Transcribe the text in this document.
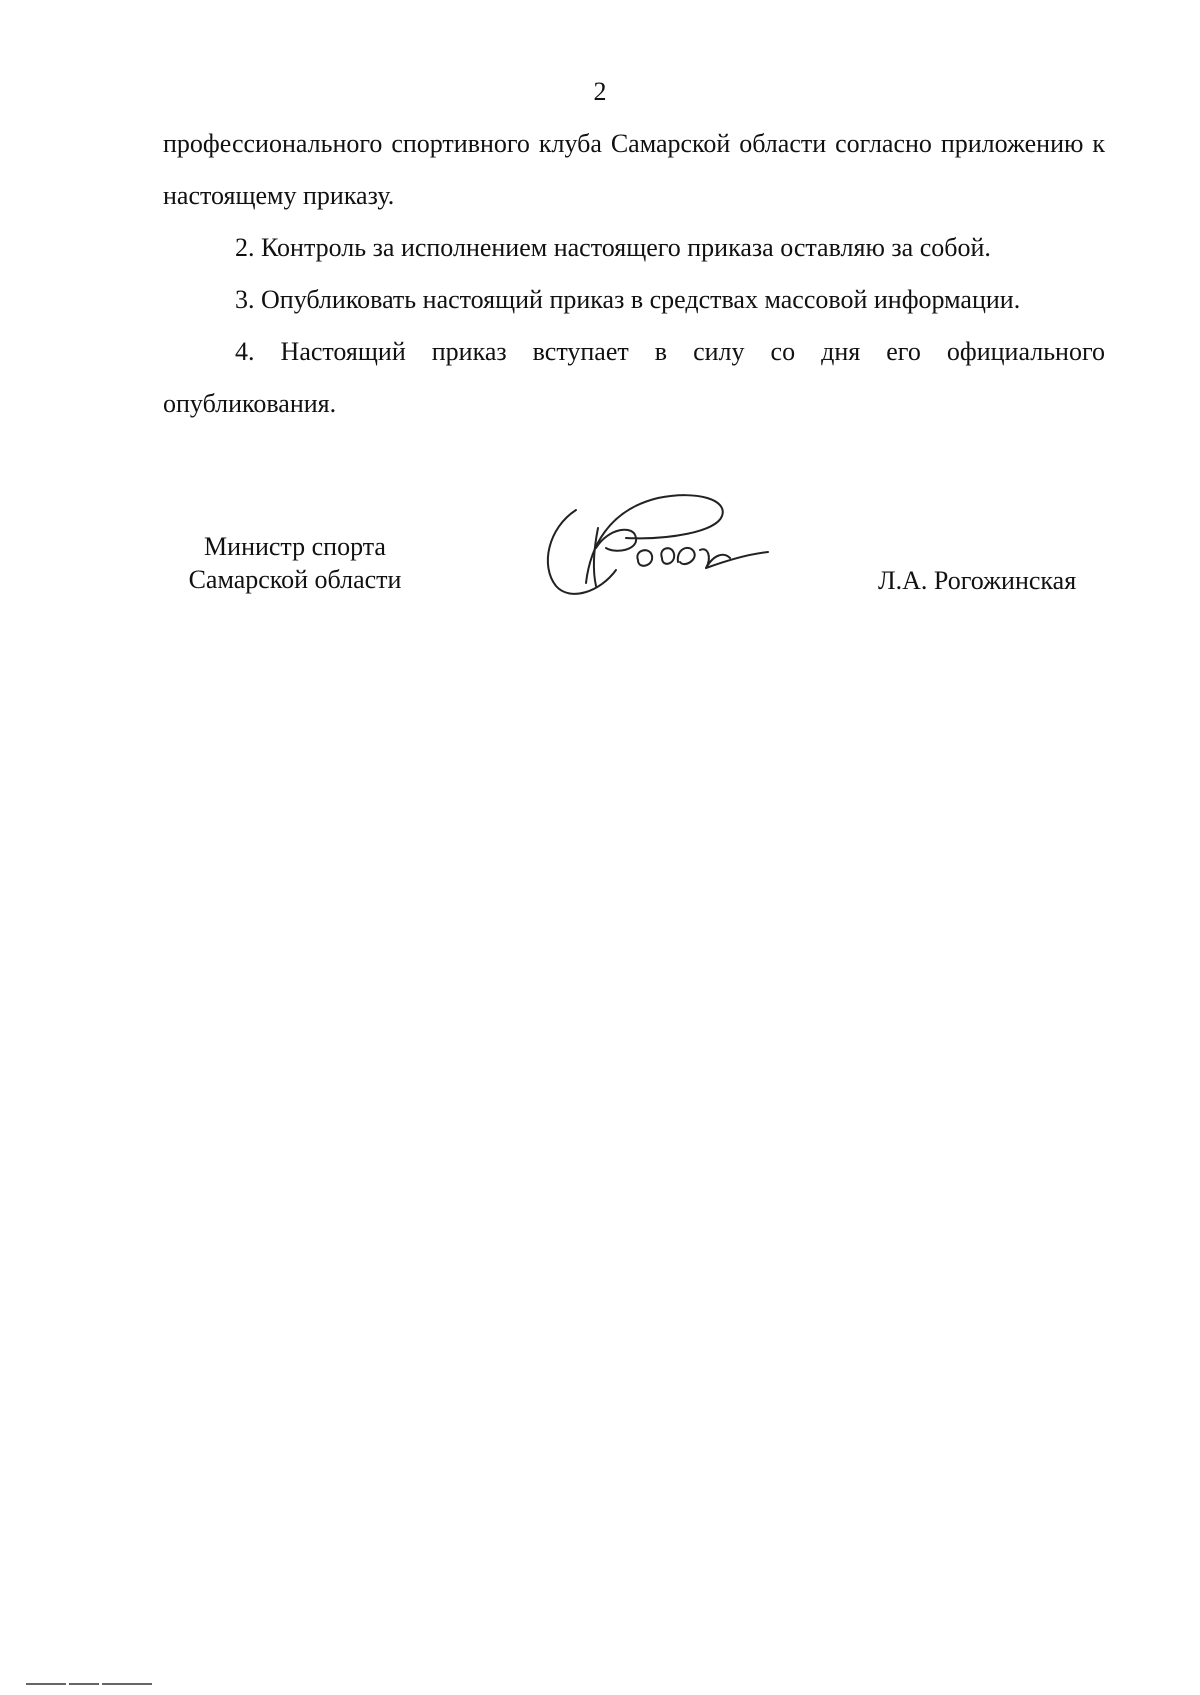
2

профессионального спортивного клуба Самарской области согласно приложению к настоящему приказу.

2. Контроль за исполнением настоящего приказа оставляю за собой.

3. Опубликовать настоящий приказ в средствах массовой информации.

4. Настоящий приказ вступает в силу со дня его официального опубликования.

Министр спорта
Самарской области	Л.А. Рогожинская
